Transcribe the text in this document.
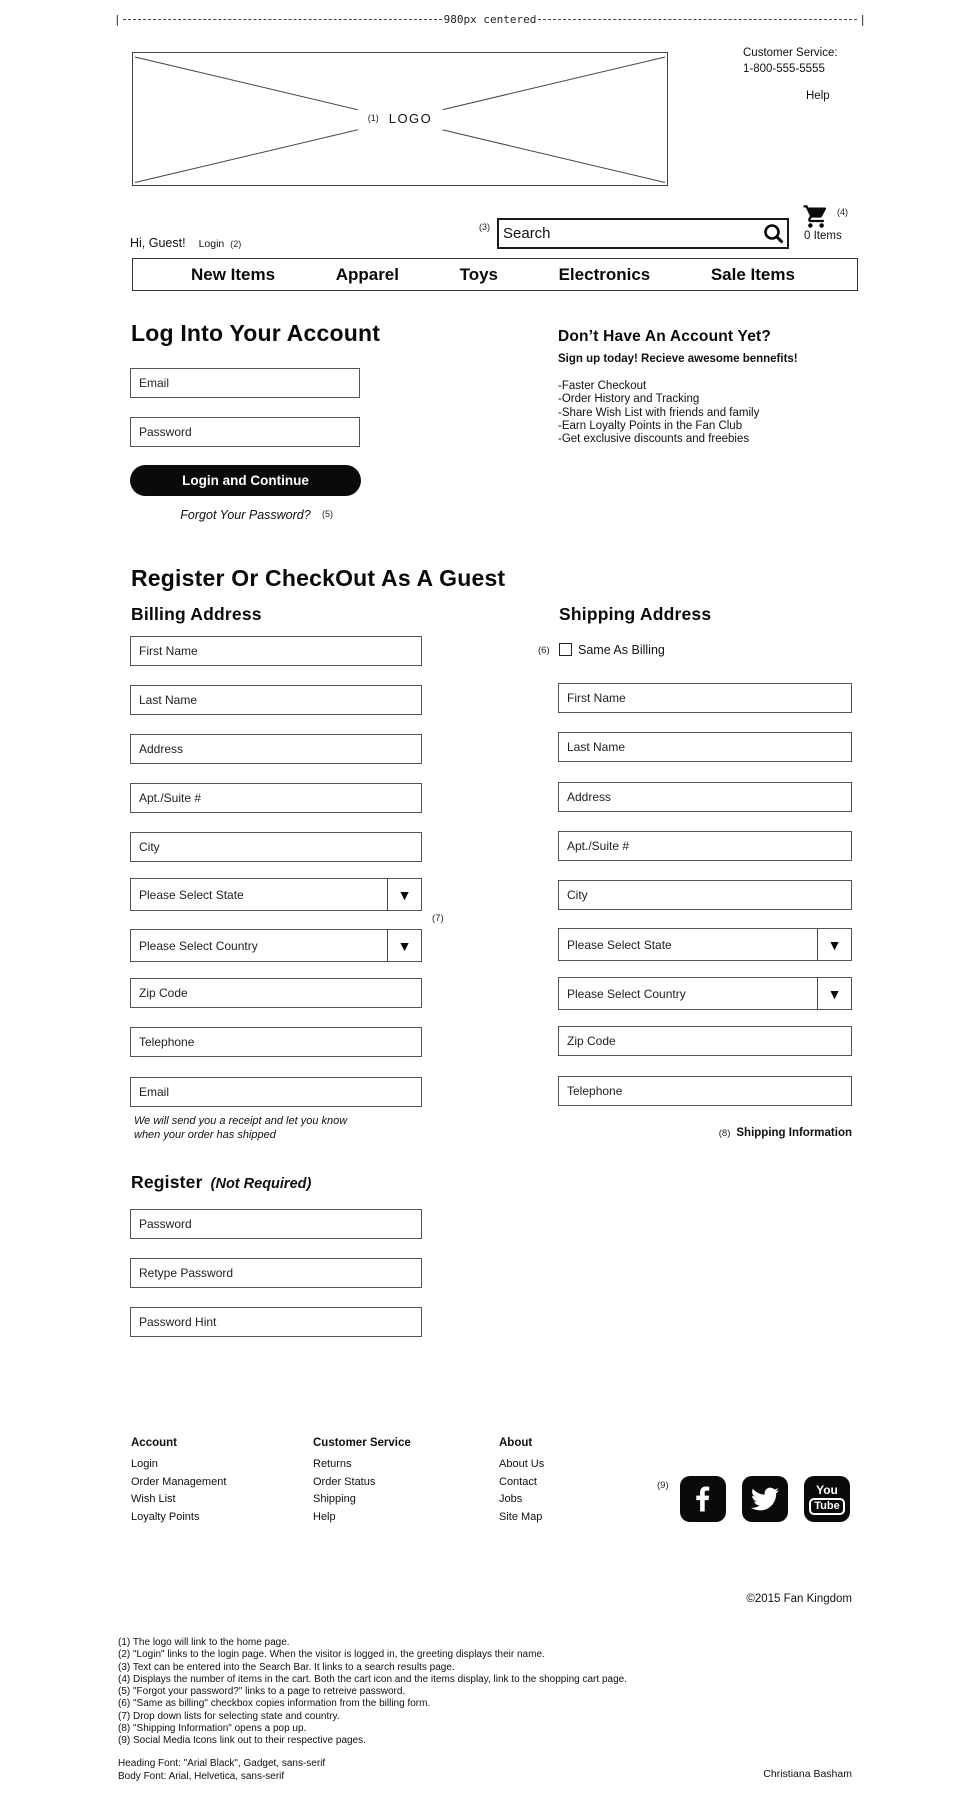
|	980px centered	|
(1) LOGO
Customer Service:
1-800-555-5555
Help
Hi, Guest! Login (2)
(3)
Search
(4)
0 Items
New Items	Apparel	Toys	Electronics	Sale Items
Log Into Your Account
Email
Password
Login and Continue
Forgot Your Password?	(5)
Don’t Have An Account Yet?
Sign up today! Recieve awesome bennefits!
-Faster Checkout
-Order History and Tracking
-Share Wish List with friends and family
-Earn Loyalty Points in the Fan Club
-Get exclusive discounts and freebies
Register Or CheckOut As A Guest
Billing Address	Shipping Address
First Name
Last Name
Address
Apt./Suite #
City
Please Select State	▼
(7)
Please Select Country	▼
Zip Code
Telephone
Email
We will send you a receipt and let you know
when your order has shipped
(6)	Same As Billing
First Name
Last Name
Address
Apt./Suite #
City
Please Select State	▼
Please Select Country	▼
Zip Code
Telephone
(8) Shipping Information
Register (Not Required)
Password
Retype Password
Password Hint
Account
Login
Order Management
Wish List
Loyalty Points
Customer Service
Returns
Order Status
Shipping
Help
About
About Us
Contact
Jobs
Site Map
(9)	You
Tube
©2015 Fan Kingdom
(1) The logo will link to the home page.
(2) "Login" links to the login page. When the visitor is logged in, the greeting displays their name.
(3) Text can be entered into the Search Bar. It links to a search results page.
(4) Displays the number of items in the cart. Both the cart icon and the items display, link to the shopping cart page.
(5) "Forgot your password?" links to a page to retreive password.
(6) "Same as billing" checkbox copies information from the billing form.
(7) Drop down lists for selecting state and country.
(8) "Shipping Information" opens a pop up.
(9) Social Media Icons link out to their respective pages.
Heading Font: "Arial Black", Gadget, sans-serif
Body Font: Arial, Helvetica, sans-serif	Christiana Basham
